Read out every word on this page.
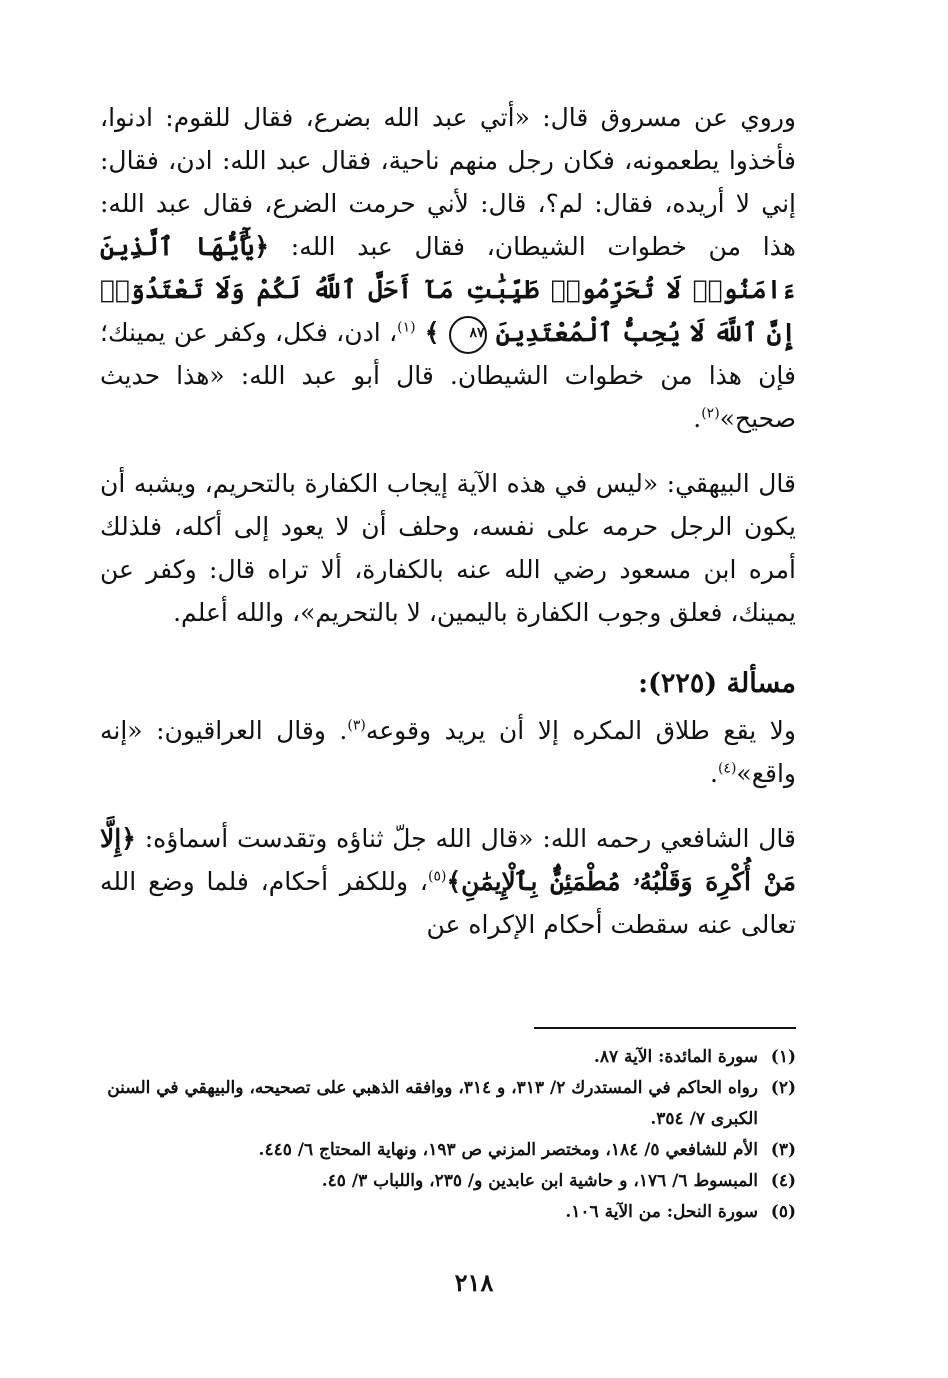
وروي عن مسروق قال: «أتي عبد الله بضرع، فقال للقوم: ادنوا، فأخذوا يطعمونه، فكان رجل منهم ناحية، فقال عبد الله: ادن، فقال: إني لا أريده، فقال: لم؟، قال: لأني حرمت الضرع، فقال عبد الله: هذا من خطوات الشيطان، فقال عبد الله: ﴿يَٰٓأَيُّهَا ٱلَّذِينَ ءَامَنُوا۟ لَا تُحَرِّمُوا۟ طَيِّبَٰتِ مَآ أَحَلَّ ٱللَّهُ لَكُمْ وَلَا تَعْتَدُوٓا۟ إِنَّ ٱللَّهَ لَا يُحِبُّ ٱلْمُعْتَدِينَ ٨٧ ﴾ $^{(١)}$، ادن، فكل، وكفر عن يمينك؛ فإن هذا من خطوات الشيطان. قال أبو عبد الله: «هذا حديث صحيح»$^{(٢)}$.

قال البيهقي: «ليس في هذه الآية إيجاب الكفارة بالتحريم، ويشبه أن يكون الرجل حرمه على نفسه، وحلف أن لا يعود إلى أكله، فلذلك أمره ابن مسعود رضي الله عنه بالكفارة، ألا تراه قال: وكفر عن يمينك، فعلق وجوب الكفارة باليمين، لا بالتحريم»، والله أعلم.

مسألة (٢٢٥):

ولا يقع طلاق المكره إلا أن يريد وقوعه$^{(٣)}$. وقال العراقيون: «إنه واقع»$^{(٤)}$.

قال الشافعي رحمه الله: «قال الله جلّ ثناؤه وتقدست أسماؤه: ﴿إِلَّا مَنْ أُكْرِهَ وَقَلْبُهُۥ مُطْمَئِنٌّۢ بِٱلْإِيمَٰنِ﴾$^{(٥)}$، وللكفر أحكام، فلما وضع الله تعالى عنه سقطت أحكام الإكراه عن

(١)
سورة المائدة: الآية ٨٧.
(٢)
رواه الحاكم في المستدرك ٢/ ٣١٣، و ٣١٤، ووافقه الذهبي على تصحيحه، والبيهقي في السنن الكبرى ٧/ ٣٥٤.
(٣)
الأم للشافعي ٥/ ١٨٤، ومختصر المزني ص ١٩٣، ونهاية المحتاج ٦/ ٤٤٥.
(٤)
المبسوط ٦/ ١٧٦، و حاشية ابن عابدين و/ ٢٣٥، واللباب ٣/ ٤٥.
(٥)
سورة النحل: من الآية ١٠٦.
٢١٨
